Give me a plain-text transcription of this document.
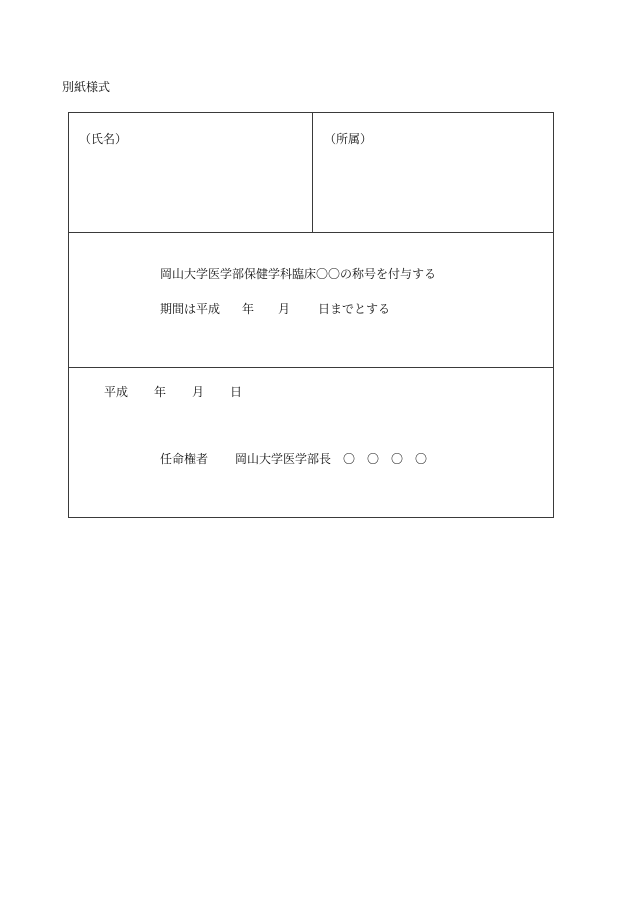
別紙様式
（氏名）	（所属）
岡山大学医学部保健学科臨床〇〇の称号を付与する
期間は平成 年 月 日までとする
平成 年 月 日
任命権者 岡山大学医学部長 〇　〇　〇　〇
